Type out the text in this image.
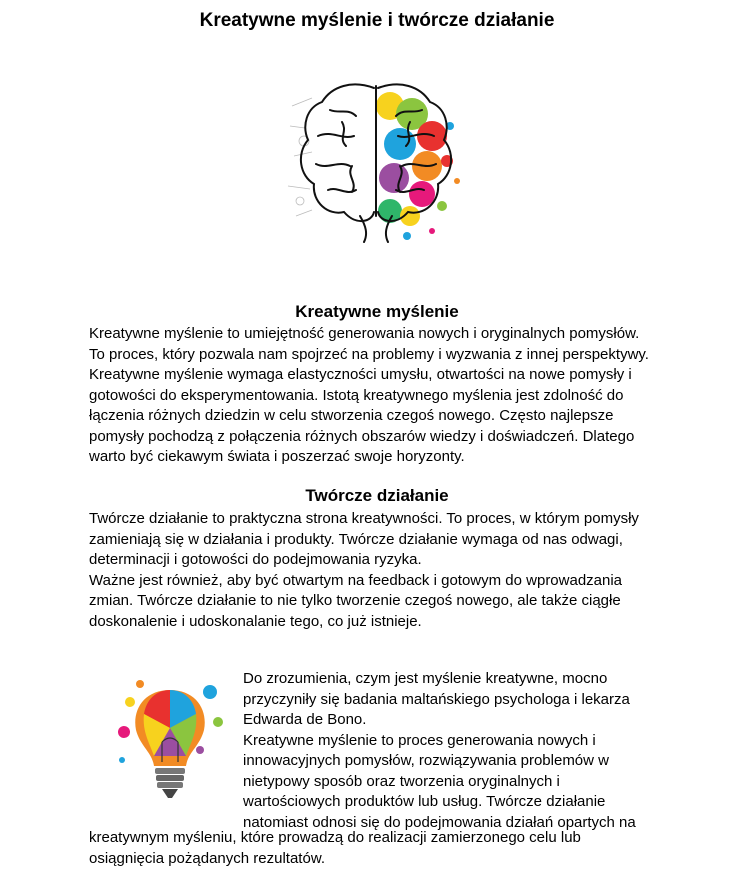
Kreatywne myślenie i twórcze działanie
Kreatywne myślenie

Kreatywne myślenie to umiejętność generowania nowych i oryginalnych pomysłów.

To proces, który pozwala nam spojrzeć na problemy i wyzwania z innej perspektywy.

Kreatywne myślenie wymaga elastyczności umysłu, otwartości na nowe pomysły i

gotowości do eksperymentowania. Istotą kreatywnego myślenia jest zdolność do

łączenia różnych dziedzin w celu stworzenia czegoś nowego. Często najlepsze

pomysły pochodzą z połączenia różnych obszarów wiedzy i doświadczeń. Dlatego

warto być ciekawym świata i poszerzać swoje horyzonty.

Twórcze działanie

Twórcze działanie to praktyczna strona kreatywności. To proces, w którym pomysły

zamieniają się w działania i produkty. Twórcze działanie wymaga od nas odwagi,

determinacji i gotowości do podejmowania ryzyka.

Ważne jest również, aby być otwartym na feedback i gotowym do wprowadzania

zmian. Twórcze działanie to nie tylko tworzenie czegoś nowego, ale także ciągłe

doskonalenie i udoskonalanie tego, co już istnieje.

Do zrozumienia, czym jest myślenie kreatywne, mocno

przyczyniły się badania maltańskiego psychologa i lekarza

Edwarda de Bono.

Kreatywne myślenie to proces generowania nowych i

innowacyjnych pomysłów, rozwiązywania problemów w

nietypowy sposób oraz tworzenia oryginalnych i

wartościowych produktów lub usług. Twórcze działanie

natomiast odnosi się do podejmowania działań opartych na

kreatywnym myśleniu, które prowadzą do realizacji zamierzonego celu lub

osiągnięcia pożądanych rezultatów.
